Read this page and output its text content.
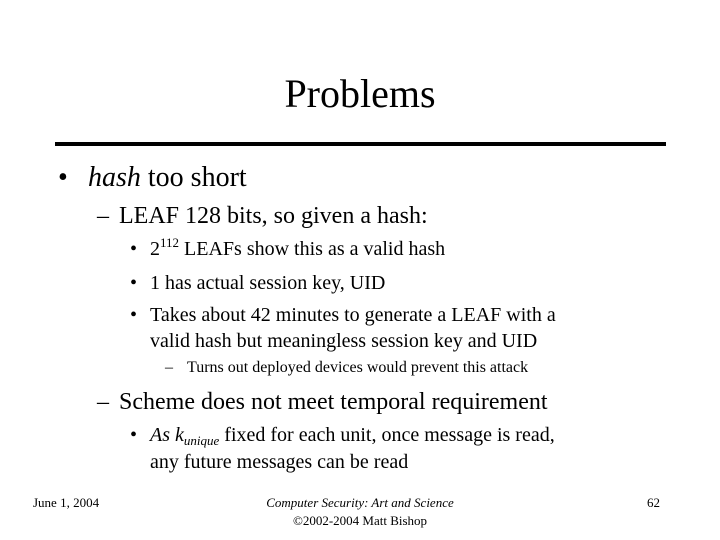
Problems
• hash too short
– LEAF 128 bits, so given a hash:
• $2^{112}$ LEAFs show this as a valid hash
• 1 has actual session key, UID
• Takes about 42 minutes to generate a LEAF with a
valid hash but meaningless session key and UID
– Turns out deployed devices would prevent this attack
– Scheme does not meet temporal requirement
• As $k_{unique}$ fixed for each unit, once message is read,
any future messages can be read
June 1, 2004	Computer Security: Art and Science
©2002-2004 Matt Bishop
62
